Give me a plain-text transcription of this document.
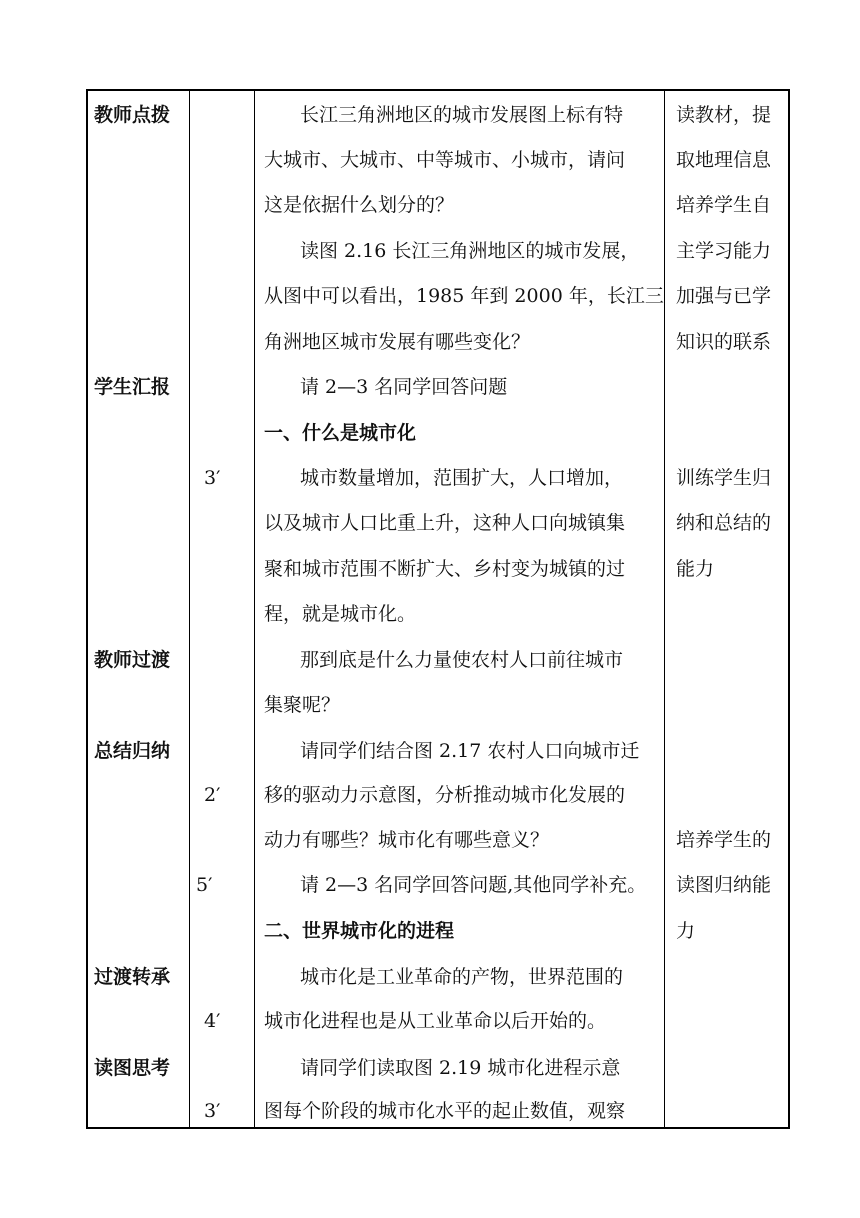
教师点拨
学生汇报
教师过渡
总结归纳
过渡转承
读图思考
3′
2′
5′
4′
3′
长江三角洲地区的城市发展图上标有特
大城市、大城市、中等城市、小城市，请问
这是依据什么划分的？
读图 2.16 长江三角洲地区的城市发展，
从图中可以看出，1985 年到 2000 年，长江三
角洲地区城市发展有哪些变化？
请 2—3 名同学回答问题
一、什么是城市化
城市数量增加，范围扩大，人口增加，
以及城市人口比重上升，这种人口向城镇集
聚和城市范围不断扩大、乡村变为城镇的过
程，就是城市化。
那到底是什么力量使农村人口前往城市
集聚呢？
请同学们结合图 2.17 农村人口向城市迁
移的驱动力示意图，分析推动城市化发展的
动力有哪些？城市化有哪些意义？
请 2—3 名同学回答问题,其他同学补充。
二、世界城市化的进程
城市化是工业革命的产物，世界范围的
城市化进程也是从工业革命以后开始的。
请同学们读取图 2.19 城市化进程示意
图每个阶段的城市化水平的起止数值，观察
读教材，提
取地理信息
培养学生自
主学习能力
加强与已学
知识的联系
训练学生归
纳和总结的
能力
培养学生的
读图归纳能
力
